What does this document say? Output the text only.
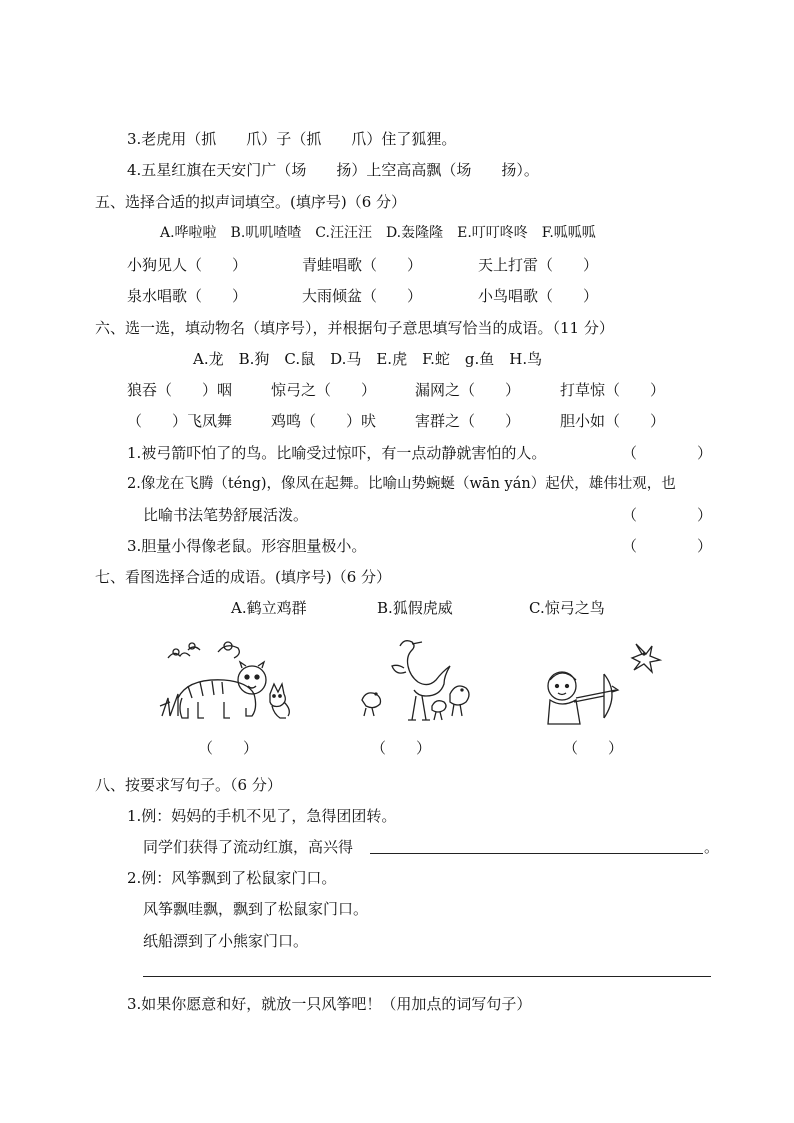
3.老虎用（抓　　爪）子（抓　　爪）住了狐狸。
4.五星红旗在天安门广（场　　扬）上空高高飘（场　　扬）。
五、选择合适的拟声词填空。(填序号)（6 分）
A.哗啦啦　B.叽叽喳喳　C.汪汪汪　D.轰隆隆　E.叮叮咚咚　F.呱呱呱
小狗见人（　　）	青蛙唱歌（　　）	天上打雷（　　）
泉水唱歌（　　）	大雨倾盆（　　）	小鸟唱歌（　　）
六、选一选，填动物名（填序号），并根据句子意思填写恰当的成语。（11 分）
A.龙　B.狗　C.鼠　D.马　E.虎　F.蛇　g.鱼　H.鸟
狼吞（　　）咽	惊弓之（　　）	漏网之（　　）	打草惊（　　）
（　　）飞凤舞	鸡鸣（　　）吠	害群之（　　）	胆小如（　　）
1.被弓箭吓怕了的鸟。比喻受过惊吓，有一点动静就害怕的人。	（　　　　）
2.像龙在飞腾（téng)，像凤在起舞。比喻山势蜿蜒（wān yán）起伏，雄伟壮观，也
比喻书法笔势舒展活泼。	（　　　　）
3.胆量小得像老鼠。形容胆量极小。	（　　　　）
七、看图选择合适的成语。(填序号)（6 分）
A.鹤立鸡群	B.狐假虎威	C.惊弓之鸟
（　　）	（　　）	（　　）
八、按要求写句子。（6 分）
1.例：妈妈的手机不见了，急得团团转。
同学们获得了流动红旗，高兴得	。
2.例：风筝飘到了松鼠家门口。
风筝飘哇飘，飘到了松鼠家门口。
纸船漂到了小熊家门口。
3.如果你愿意和好，就放一只风筝吧！（用加点的词写句子）
